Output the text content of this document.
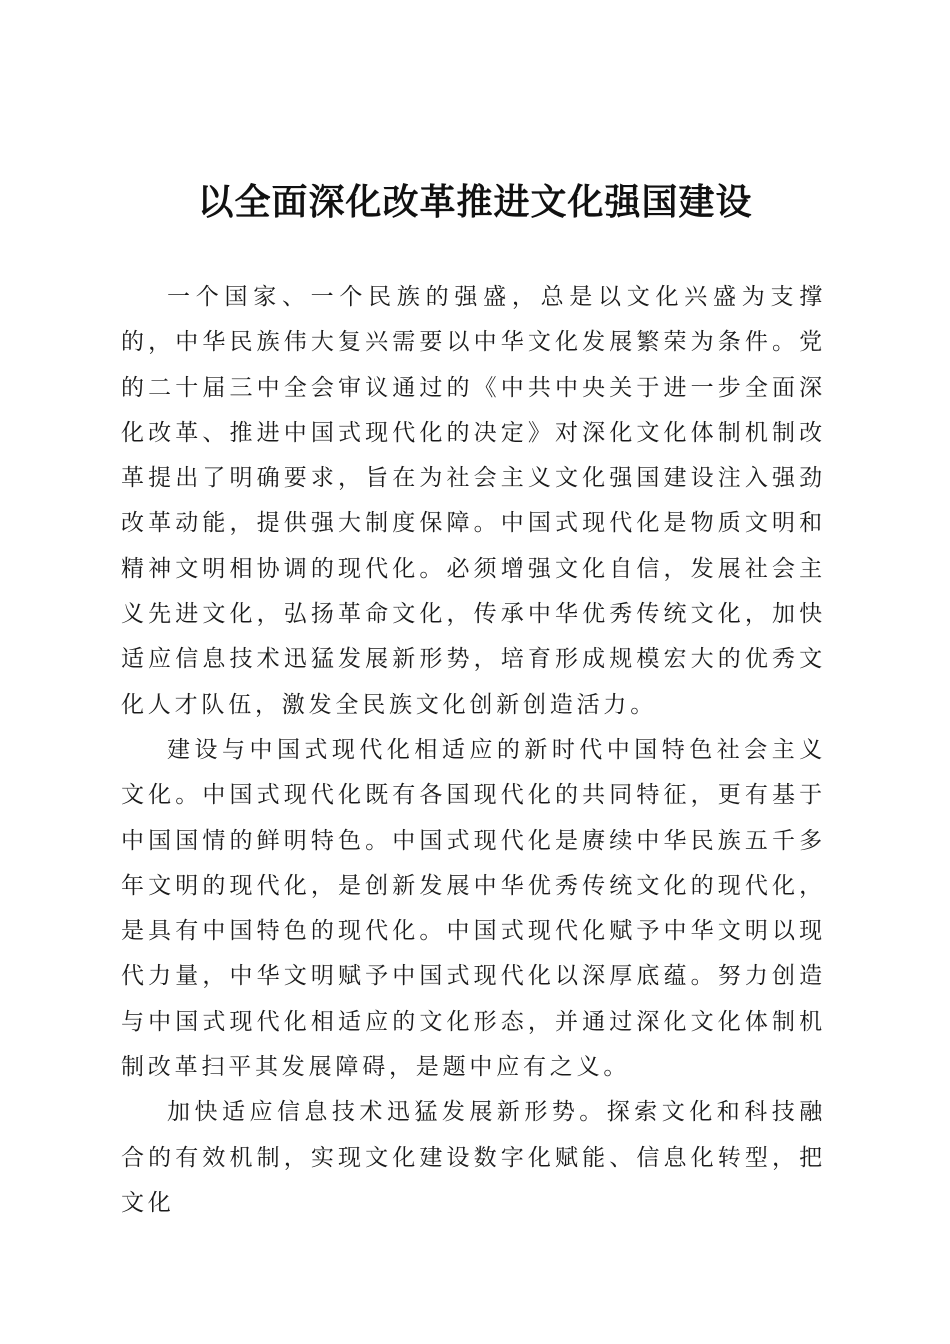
以全面深化改革推进文化强国建设

一个国家、一个民族的强盛，总是以文化兴盛为支撑的，中华民族伟大复兴需要以中华文化发展繁荣为条件。党的二十届三中全会审议通过的《中共中央关于进一步全面深化改革、推进中国式现代化的决定》对深化文化体制机制改革提出了明确要求，旨在为社会主义文化强国建设注入强劲改革动能，提供强大制度保障。中国式现代化是物质文明和精神文明相协调的现代化。必须增强文化自信，发展社会主义先进文化，弘扬革命文化，传承中华优秀传统文化，加快适应信息技术迅猛发展新形势，培育形成规模宏大的优秀文化人才队伍，激发全民族文化创新创造活力。

建设与中国式现代化相适应的新时代中国特色社会主义文化。中国式现代化既有各国现代化的共同特征，更有基于中国国情的鲜明特色。中国式现代化是赓续中华民族五千多年文明的现代化，是创新发展中华优秀传统文化的现代化，是具有中国特色的现代化。中国式现代化赋予中华文明以现代力量，中华文明赋予中国式现代化以深厚底蕴。努力创造与中国式现代化相适应的文化形态，并通过深化文化体制机制改革扫平其发展障碍，是题中应有之义。

加快适应信息技术迅猛发展新形势。探索文化和科技融合的有效机制，实现文化建设数字化赋能、信息化转型，把文化
